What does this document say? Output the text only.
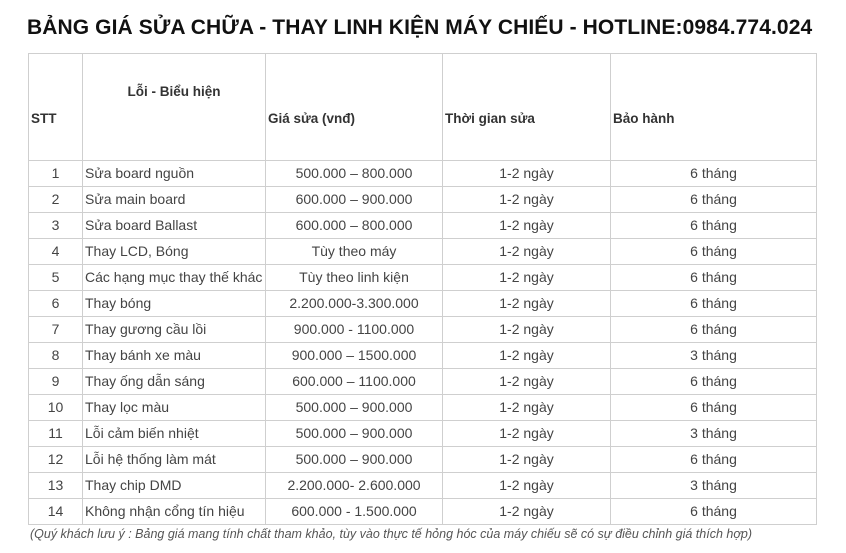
BẢNG GIÁ SỬA CHỮA - THAY LINH KIỆN MÁY CHIẾU - HOTLINE:0984.774.024
STT	Lỗi - Biểu hiện	Giá sửa (vnđ)	Thời gian sửa	Bảo hành
1	Sửa board nguồn	500.000 – 800.000	1-2 ngày	6 tháng
2	Sửa main board	600.000 – 900.000	1-2 ngày	6 tháng
3	Sửa board Ballast	600.000 – 800.000	1-2 ngày	6 tháng
4	Thay LCD, Bóng	Tùy theo máy	1-2 ngày	6 tháng
5	Các hạng mục thay thế khác	Tùy theo linh kiện	1-2 ngày	6 tháng
6	Thay bóng	2.200.000-3.300.000	1-2 ngày	6 tháng
7	Thay gương cầu lồi	900.000 - 1100.000	1-2 ngày	6 tháng
8	Thay bánh xe màu	900.000 – 1500.000	1-2 ngày	3 tháng
9	Thay ống dẫn sáng	600.000 – 1100.000	1-2 ngày	6 tháng
10	Thay lọc màu	500.000 – 900.000	1-2 ngày	6 tháng
11	Lỗi cảm biến nhiệt	500.000 – 900.000	1-2 ngày	3 tháng
12	Lỗi hệ thống làm mát	500.000 – 900.000	1-2 ngày	6 tháng
13	Thay chip DMD	2.200.000- 2.600.000	1-2 ngày	3 tháng
14	Không nhận cổng tín hiệu	600.000 - 1.500.000	1-2 ngày	6 tháng

(Quý khách lưu ý : Bảng giá mang tính chất tham khảo, tùy vào thực tế hỏng hóc của máy chiếu sẽ có sự điều chỉnh giá thích hợp)
